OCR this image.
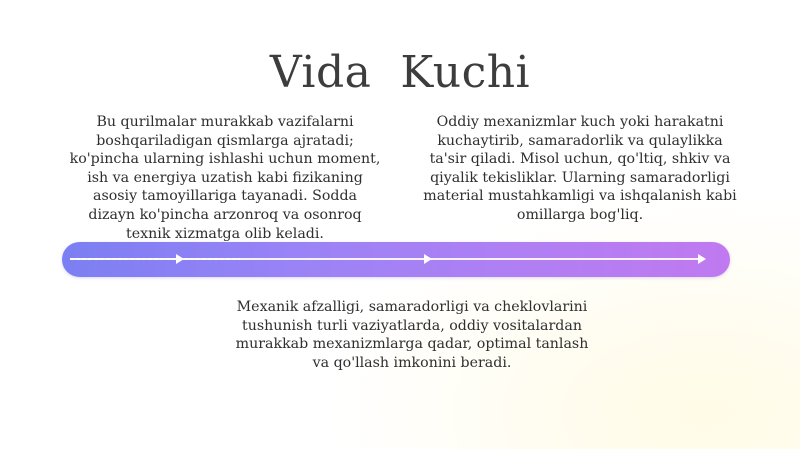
Vida  Kuchi
Bu qurilmalar murakkab vazifalarni boshqariladigan qismlarga ajratadi; ko'pincha ularning ishlashi uchun moment, ish va energiya uzatish kabi fizikaning asosiy tamoyillariga tayanadi. Sodda dizayn ko'pincha arzonroq va osonroq texnik xizmatga olib keladi.
Oddiy mexanizmlar kuch yoki harakatni kuchaytirib, samaradorlik va qulaylikka ta'sir qiladi. Misol uchun, qo'ltiq, shkiv va qiyalik tekisliklar. Ularning samaradorligi material mustahkamligi va ishqalanish kabi omillarga bog'liq.
Mexanik afzalligi, samaradorligi va cheklovlarini tushunish turli vaziyatlarda, oddiy vositalardan murakkab mexanizmlarga qadar, optimal tanlash va qo'llash imkonini beradi.
